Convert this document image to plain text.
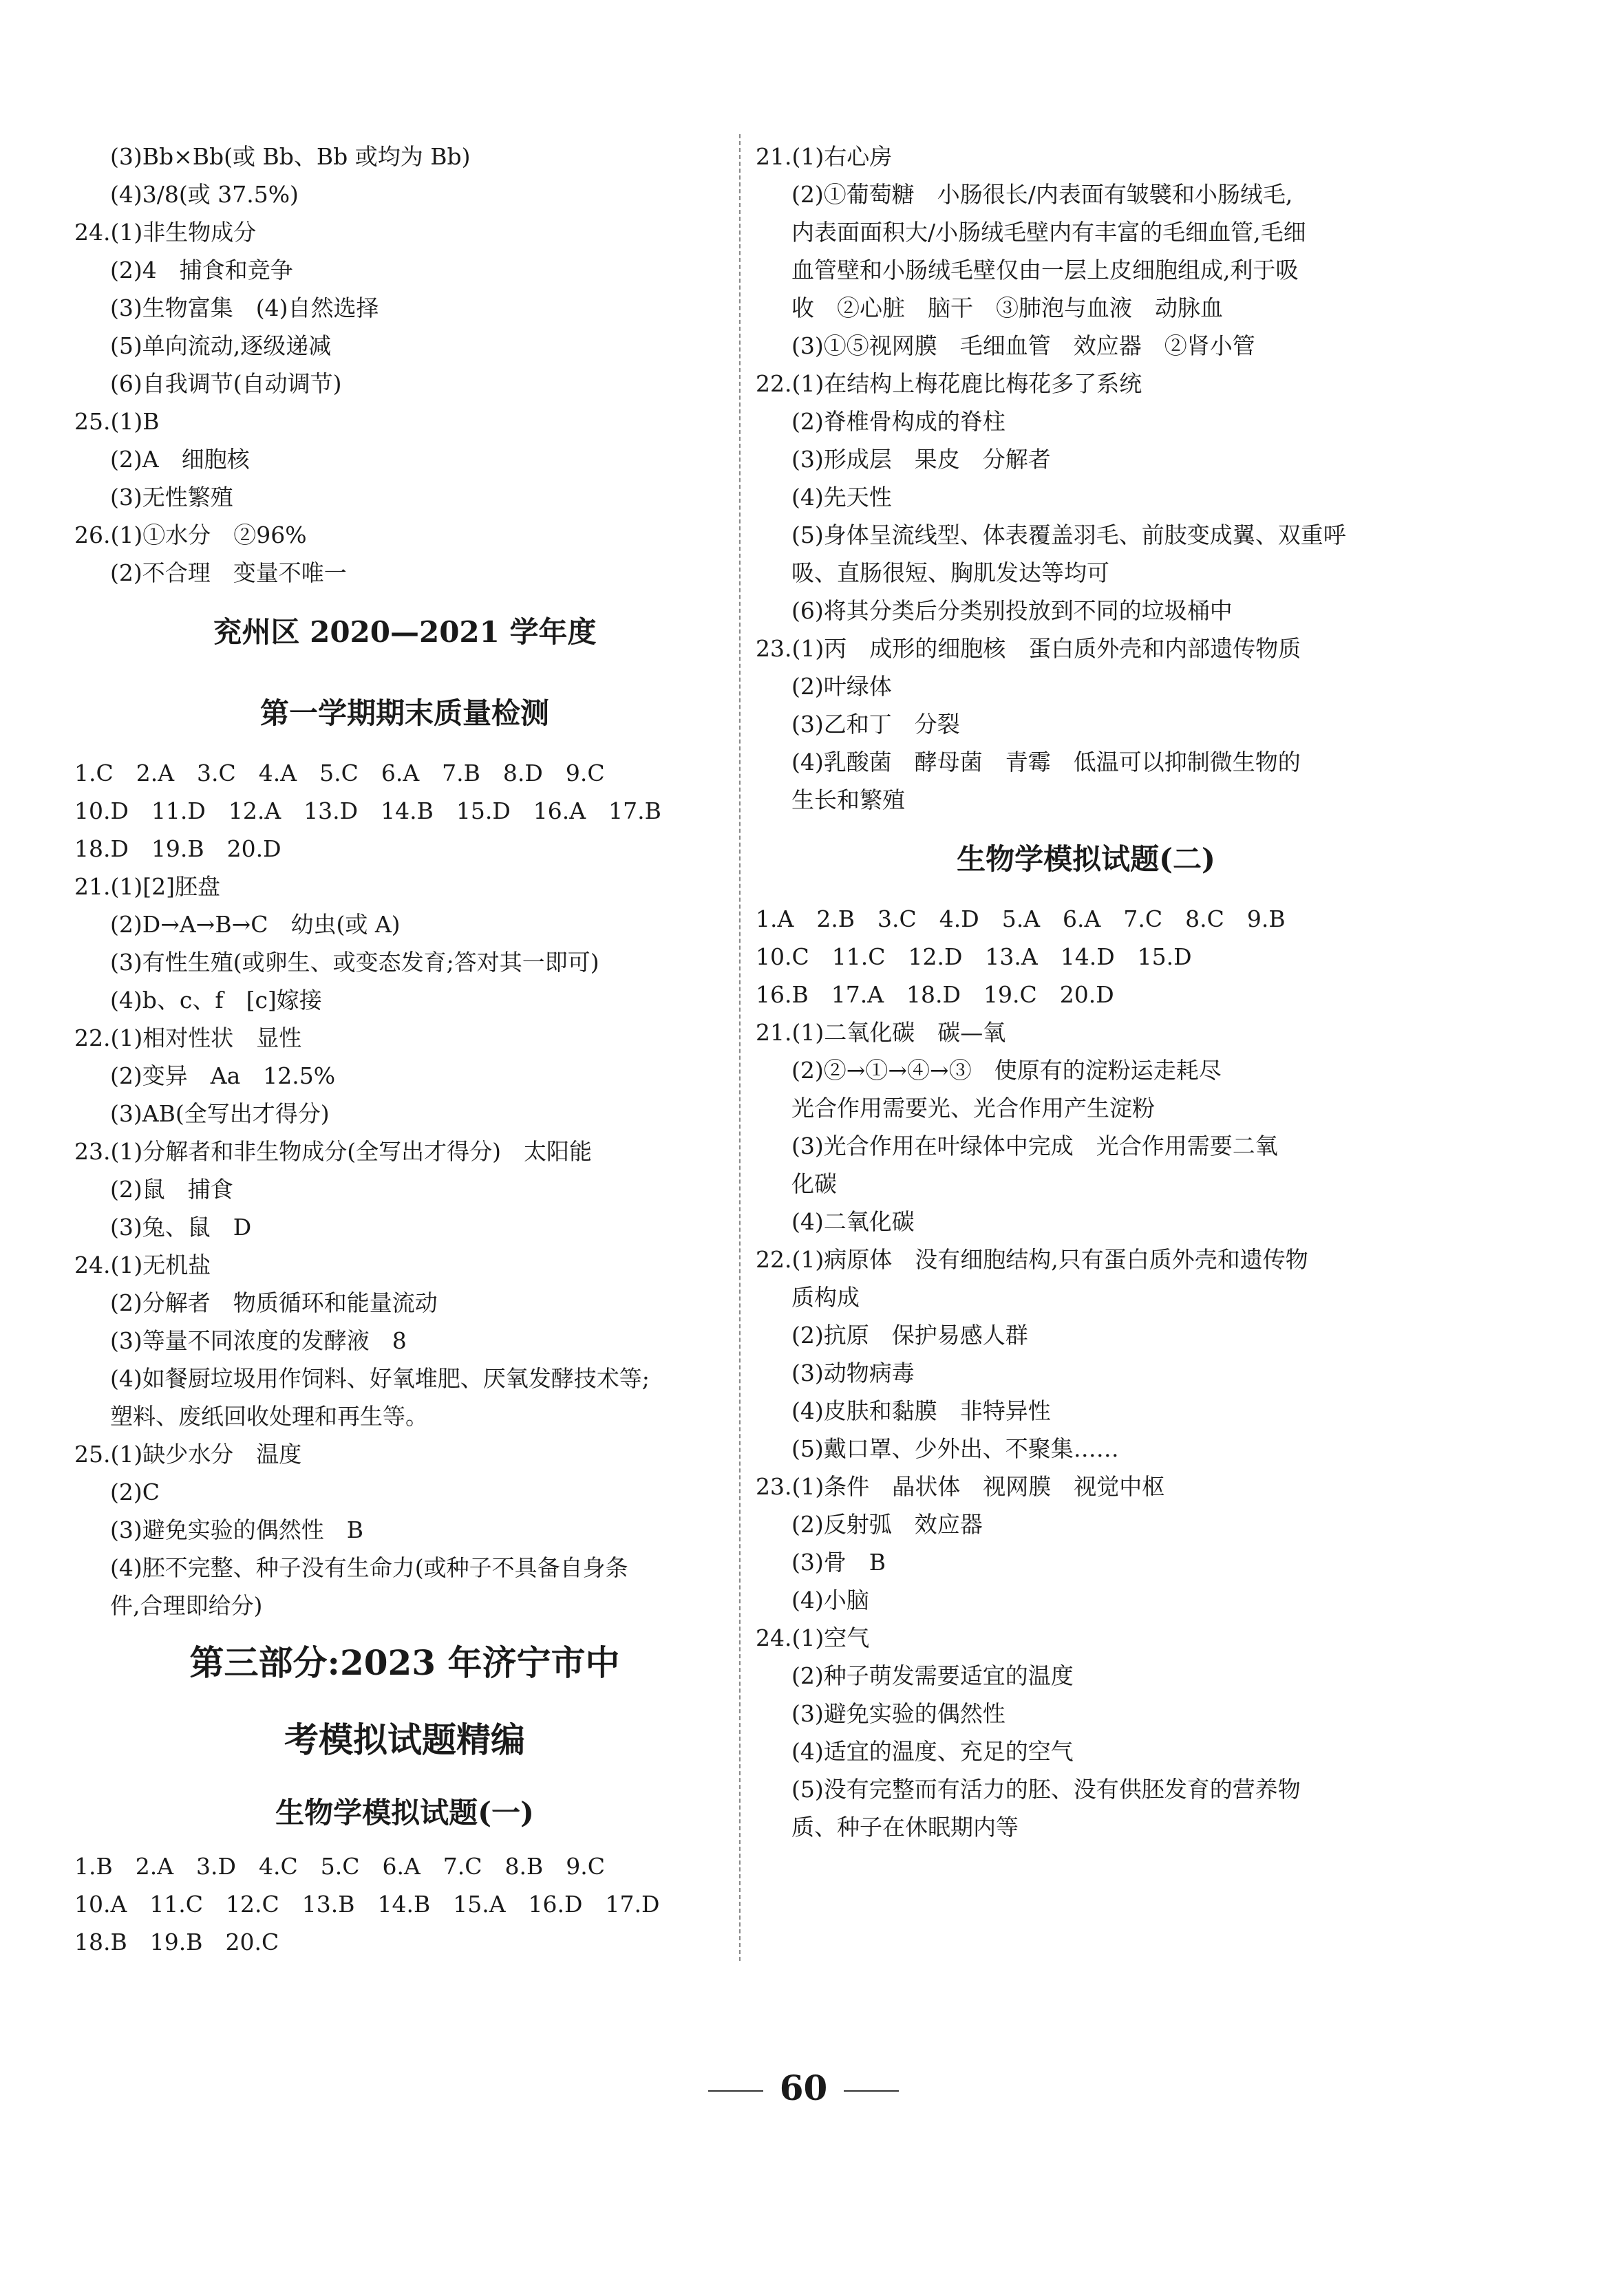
(3)Bb×Bb(或 Bb、Bb 或均为 Bb)
(4)3/8(或 37.5%)
24.(1)非生物成分
(2)4　捕食和竞争
(3)生物富集　(4)自然选择
(5)单向流动,逐级递减
(6)自我调节(自动调节)
25.(1)B
(2)A　细胞核
(3)无性繁殖
26.(1)①水分　②96%
(2)不合理　变量不唯一
兖州区 2020—2021 学年度
第一学期期末质量检测
1.C　2.A　3.C　4.A　5.C　6.A　7.B　8.D　9.C
10.D　11.D　12.A　13.D　14.B　15.D　16.A　17.B
18.D　19.B　20.D
21.(1)[2]胚盘
(2)D→A→B→C　幼虫(或 A)
(3)有性生殖(或卵生、或变态发育;答对其一即可)
(4)b、c、f　[c]嫁接
22.(1)相对性状　显性
(2)变异　Aa　12.5%
(3)AB(全写出才得分)
23.(1)分解者和非生物成分(全写出才得分)　太阳能
(2)鼠　捕食
(3)兔、鼠　D
24.(1)无机盐
(2)分解者　物质循环和能量流动
(3)等量不同浓度的发酵液　8
(4)如餐厨垃圾用作饲料、好氧堆肥、厌氧发酵技术等;
塑料、废纸回收处理和再生等。
25.(1)缺少水分　温度
(2)C
(3)避免实验的偶然性　B
(4)胚不完整、种子没有生命力(或种子不具备自身条
件,合理即给分)
第三部分:2023 年济宁市中
考模拟试题精编
生物学模拟试题(一)
1.B　2.A　3.D　4.C　5.C　6.A　7.C　8.B　9.C
10.A　11.C　12.C　13.B　14.B　15.A　16.D　17.D
18.B　19.B　20.C
21.(1)右心房
(2)①葡萄糖　小肠很长/内表面有皱襞和小肠绒毛,
内表面面积大/小肠绒毛壁内有丰富的毛细血管,毛细
血管壁和小肠绒毛壁仅由一层上皮细胞组成,利于吸
收　②心脏　脑干　③肺泡与血液　动脉血
(3)①⑤视网膜　毛细血管　效应器　②肾小管
22.(1)在结构上梅花鹿比梅花多了系统
(2)脊椎骨构成的脊柱
(3)形成层　果皮　分解者
(4)先天性
(5)身体呈流线型、体表覆盖羽毛、前肢变成翼、双重呼
吸、直肠很短、胸肌发达等均可
(6)将其分类后分类别投放到不同的垃圾桶中
23.(1)丙　成形的细胞核　蛋白质外壳和内部遗传物质
(2)叶绿体
(3)乙和丁　分裂
(4)乳酸菌　酵母菌　青霉　低温可以抑制微生物的
生长和繁殖
生物学模拟试题(二)
1.A　2.B　3.C　4.D　5.A　6.A　7.C　8.C　9.B
10.C　11.C　12.D　13.A　14.D　15.D
16.B　17.A　18.D　19.C　20.D
21.(1)二氧化碳　碳—氧
(2)②→①→④→③　使原有的淀粉运走耗尽
光合作用需要光、光合作用产生淀粉
(3)光合作用在叶绿体中完成　光合作用需要二氧
化碳
(4)二氧化碳
22.(1)病原体　没有细胞结构,只有蛋白质外壳和遗传物
质构成
(2)抗原　保护易感人群
(3)动物病毒
(4)皮肤和黏膜　非特异性
(5)戴口罩、少外出、不聚集……
23.(1)条件　晶状体　视网膜　视觉中枢
(2)反射弧　效应器
(3)骨　B
(4)小脑
24.(1)空气
(2)种子萌发需要适宜的温度
(3)避免实验的偶然性
(4)适宜的温度、充足的空气
(5)没有完整而有活力的胚、没有供胚发育的营养物
质、种子在休眠期内等
60
